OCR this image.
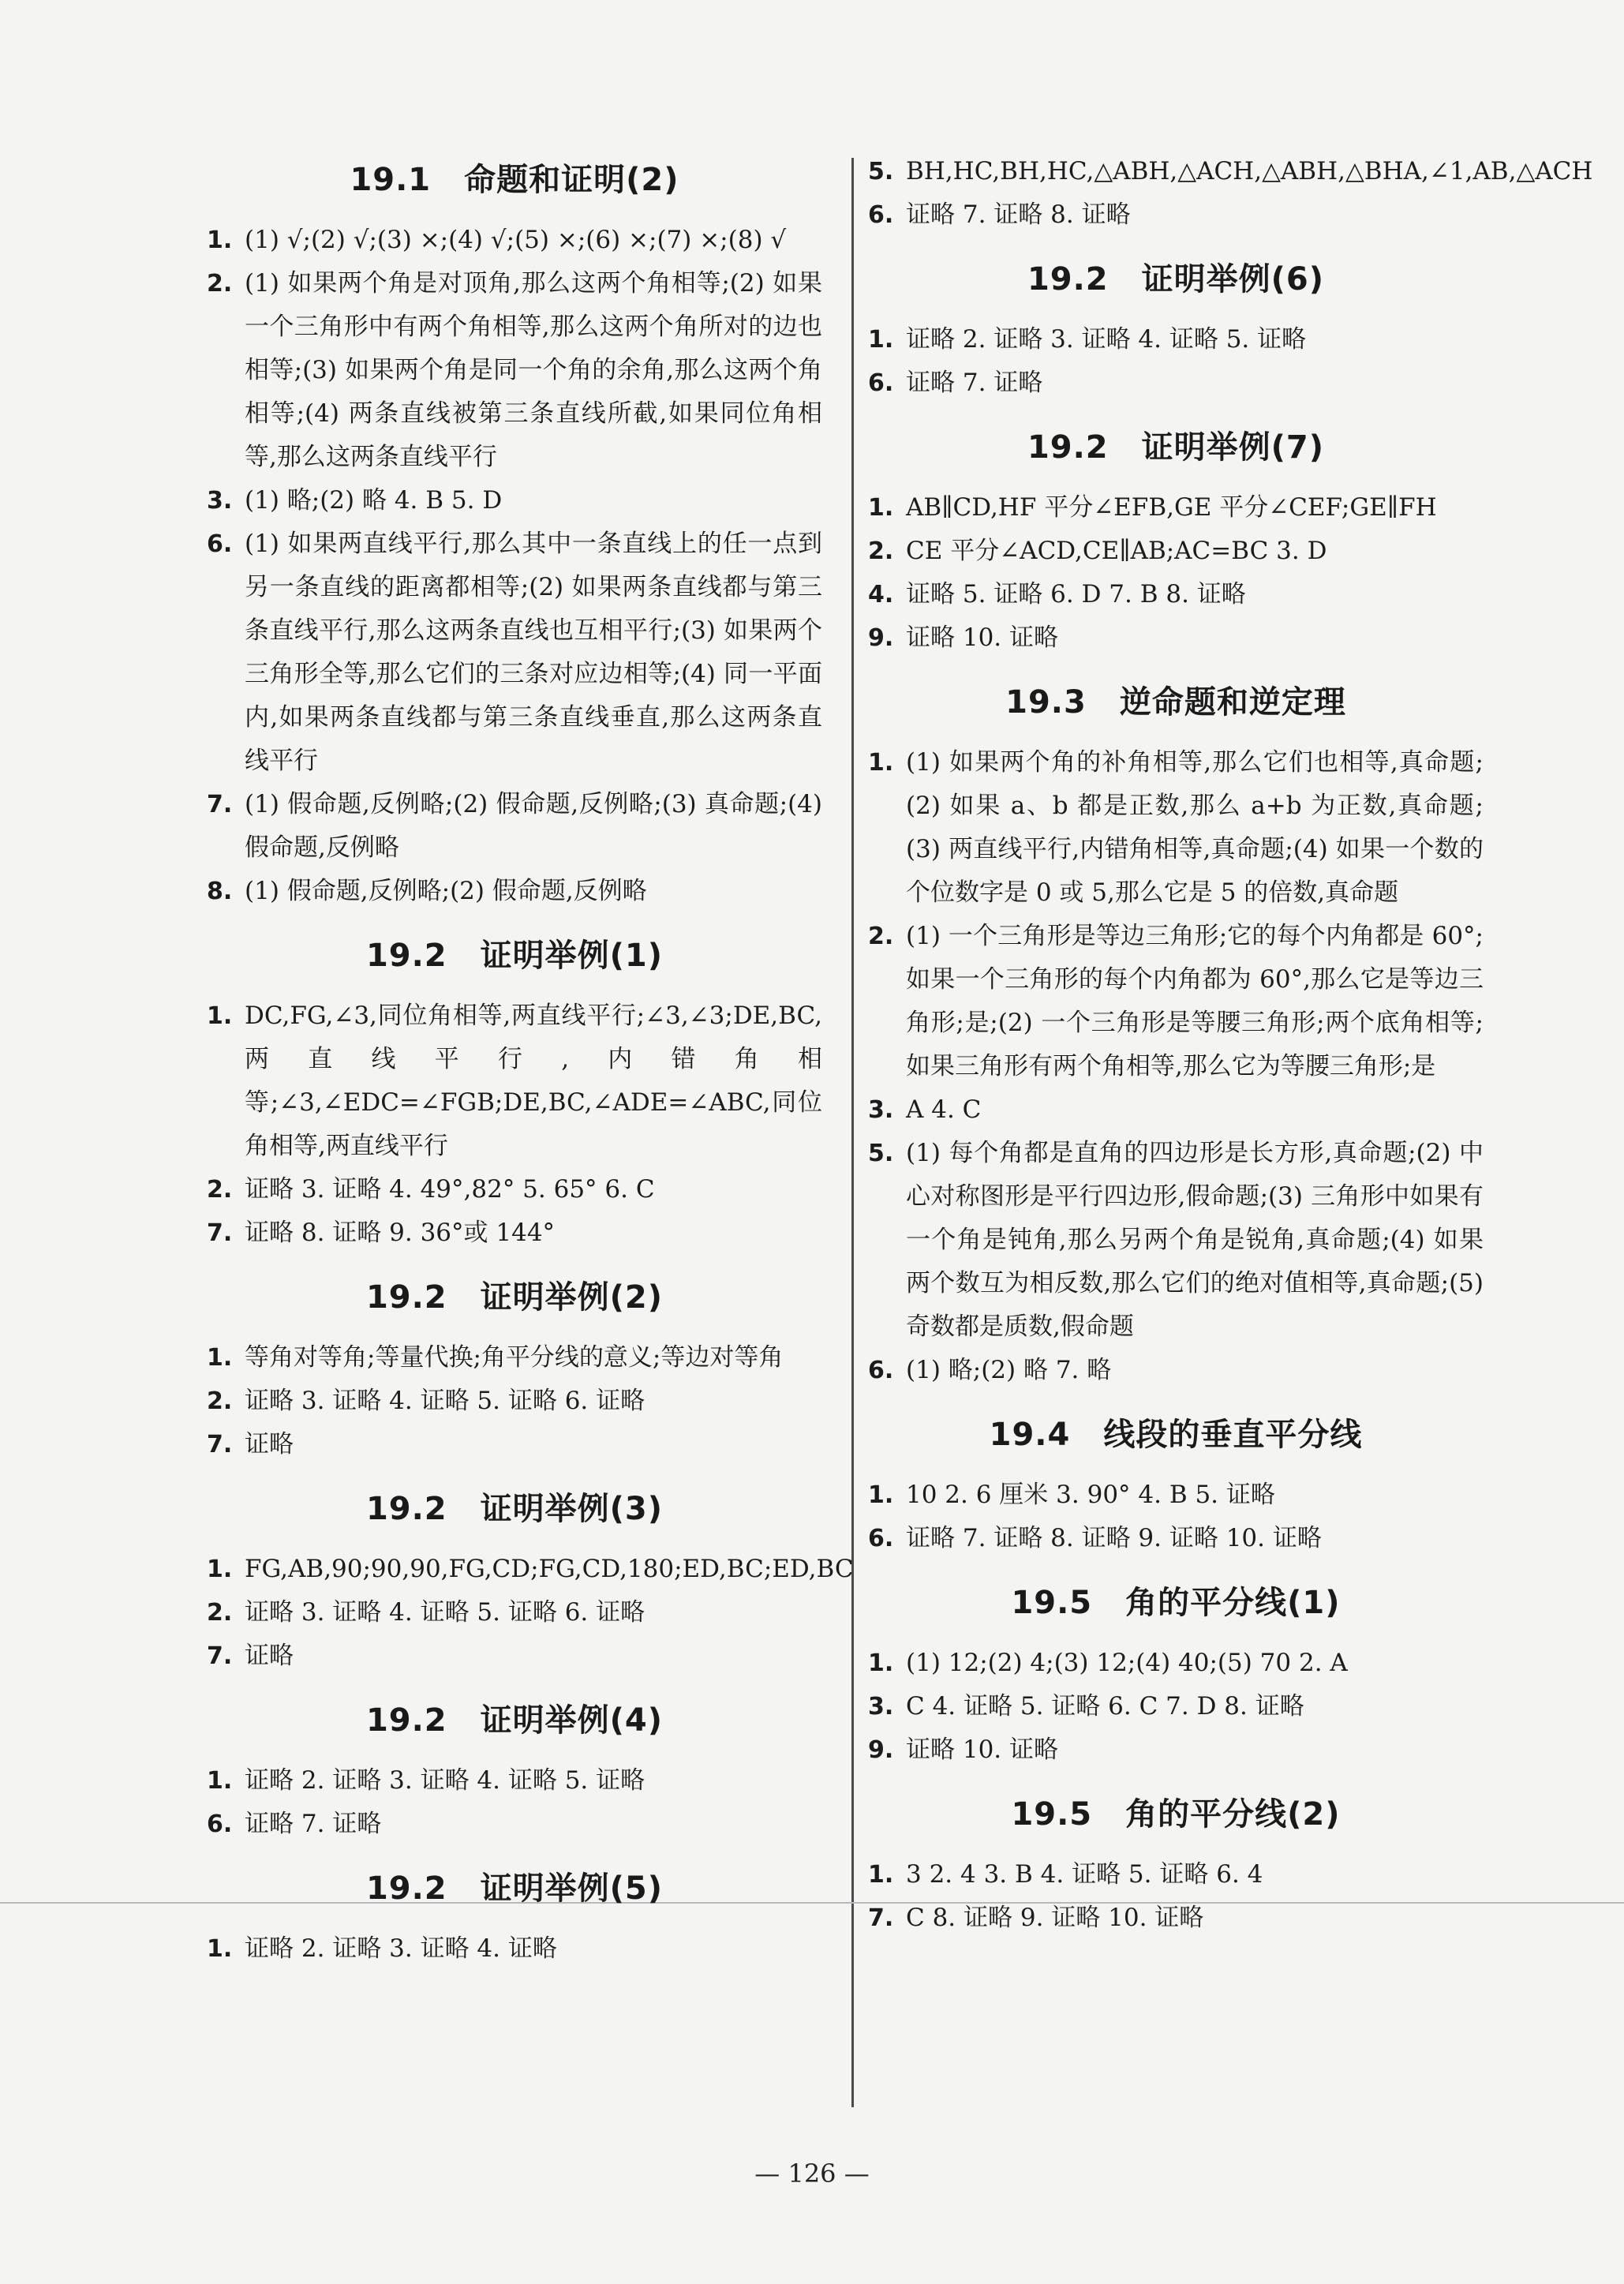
19.1 命题和证明(2)
1. (1) √;(2) √;(3) ×;(4) √;(5) ×;(6) ×;(7) ×;(8) √
2. (1) 如果两个角是对顶角,那么这两个角相等;(2) 如果一个三角形中有两个角相等,那么这两个角所对的边也相等;(3) 如果两个角是同一个角的余角,那么这两个角相等;(4) 两条直线被第三条直线所截,如果同位角相等,那么这两条直线平行
3. (1) 略;(2) 略 4. B 5. D
6. (1) 如果两直线平行,那么其中一条直线上的任一点到另一条直线的距离都相等;(2) 如果两条直线都与第三条直线平行,那么这两条直线也互相平行;(3) 如果两个三角形全等,那么它们的三条对应边相等;(4) 同一平面内,如果两条直线都与第三条直线垂直,那么这两条直线平行
7. (1) 假命题,反例略;(2) 假命题,反例略;(3) 真命题;(4) 假命题,反例略
8. (1) 假命题,反例略;(2) 假命题,反例略
19.2 证明举例(1)
1. DC,FG,∠3,同位角相等,两直线平行;∠3,∠3;DE,BC,两直线平行,内错角相等;∠3,∠EDC=∠FGB;DE,BC,∠ADE=∠ABC,同位角相等,两直线平行
2. 证略 3. 证略 4. 49°,82° 5. 65° 6. C
7. 证略 8. 证略 9. 36°或 144°
19.2 证明举例(2)
1. 等角对等角;等量代换;角平分线的意义;等边对等角
2. 证略 3. 证略 4. 证略 5. 证略 6. 证略
7. 证略
19.2 证明举例(3)
1. FG,AB,90;90,90,FG,CD;FG,CD,180;ED,BC;ED,BC
2. 证略 3. 证略 4. 证略 5. 证略 6. 证略
7. 证略
19.2 证明举例(4)
1. 证略 2. 证略 3. 证略 4. 证略 5. 证略
6. 证略 7. 证略
19.2 证明举例(5)
1. 证略 2. 证略 3. 证略 4. 证略
5. BH,HC,BH,HC,△ABH,△ACH,△ABH,△BHA,∠1,AB,△ACH
6. 证略 7. 证略 8. 证略
19.2 证明举例(6)
1. 证略 2. 证略 3. 证略 4. 证略 5. 证略
6. 证略 7. 证略
19.2 证明举例(7)
1. AB∥CD,HF 平分∠EFB,GE 平分∠CEF;GE∥FH
2. CE 平分∠ACD,CE∥AB;AC=BC 3. D
4. 证略 5. 证略 6. D 7. B 8. 证略
9. 证略 10. 证略
19.3 逆命题和逆定理
1. (1) 如果两个角的补角相等,那么它们也相等,真命题;(2) 如果 a、b 都是正数,那么 a+b 为正数,真命题;(3) 两直线平行,内错角相等,真命题;(4) 如果一个数的个位数字是 0 或 5,那么它是 5 的倍数,真命题
2. (1) 一个三角形是等边三角形;它的每个内角都是 60°;如果一个三角形的每个内角都为 60°,那么它是等边三角形;是;(2) 一个三角形是等腰三角形;两个底角相等;如果三角形有两个角相等,那么它为等腰三角形;是
3. A 4. C
5. (1) 每个角都是直角的四边形是长方形,真命题;(2) 中心对称图形是平行四边形,假命题;(3) 三角形中如果有一个角是钝角,那么另两个角是锐角,真命题;(4) 如果两个数互为相反数,那么它们的绝对值相等,真命题;(5) 奇数都是质数,假命题
6. (1) 略;(2) 略 7. 略
19.4 线段的垂直平分线
1. 10 2. 6 厘米 3. 90° 4. B 5. 证略
6. 证略 7. 证略 8. 证略 9. 证略 10. 证略
19.5 角的平分线(1)
1. (1) 12;(2) 4;(3) 12;(4) 40;(5) 70 2. A
3. C 4. 证略 5. 证略 6. C 7. D 8. 证略
9. 证略 10. 证略
19.5 角的平分线(2)
1. 3 2. 4 3. B 4. 证略 5. 证略 6. 4
7. C 8. 证略 9. 证略 10. 证略
— 126 —
